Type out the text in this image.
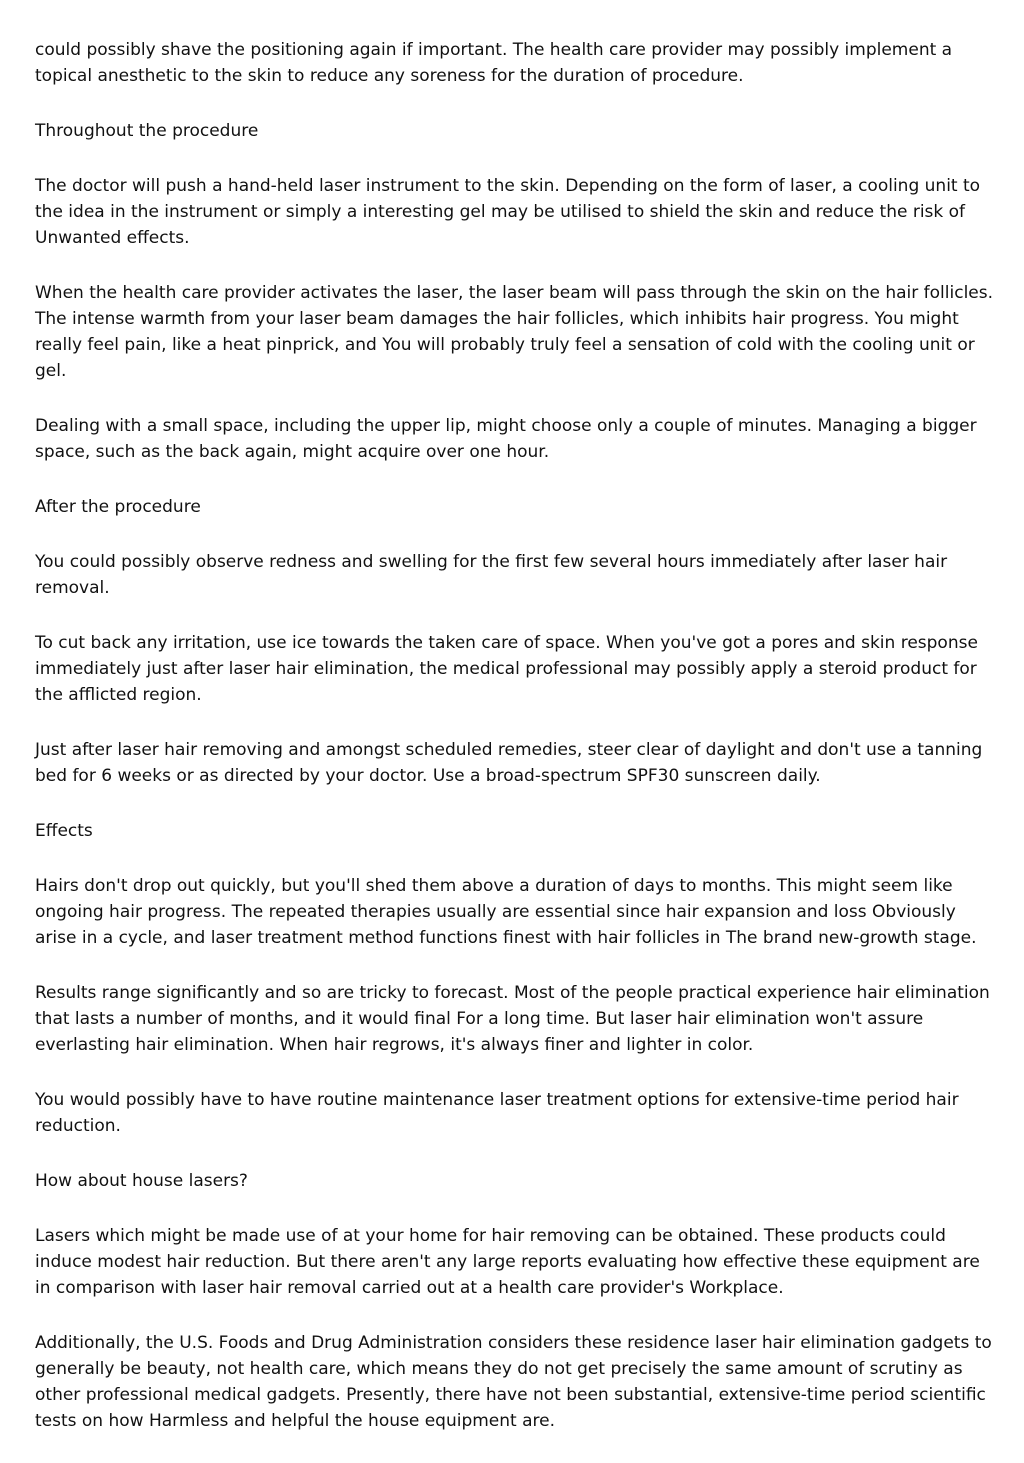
could possibly shave the positioning again if important. The health care provider may possibly implement a topical anesthetic to the skin to reduce any soreness for the duration of procedure.

Throughout the procedure

The doctor will push a hand-held laser instrument to the skin. Depending on the form of laser, a cooling unit to the idea in the instrument or simply a interesting gel may be utilised to shield the skin and reduce the risk of Unwanted effects.

When the health care provider activates the laser, the laser beam will pass through the skin on the hair follicles. The intense warmth from your laser beam damages the hair follicles, which inhibits hair progress. You might really feel pain, like a heat pinprick, and You will probably truly feel a sensation of cold with the cooling unit or gel.

Dealing with a small space, including the upper lip, might choose only a couple of minutes. Managing a bigger space, such as the back again, might acquire over one hour.

After the procedure

You could possibly observe redness and swelling for the first few several hours immediately after laser hair removal.

To cut back any irritation, use ice towards the taken care of space. When you've got a pores and skin response immediately just after laser hair elimination, the medical professional may possibly apply a steroid product for the afflicted region.

Just after laser hair removing and amongst scheduled remedies, steer clear of daylight and don't use a tanning bed for 6 weeks or as directed by your doctor. Use a broad-spectrum SPF30 sunscreen daily.

Effects

Hairs don't drop out quickly, but you'll shed them above a duration of days to months. This might seem like ongoing hair progress. The repeated therapies usually are essential since hair expansion and loss Obviously arise in a cycle, and laser treatment method functions finest with hair follicles in The brand new-growth stage.

Results range significantly and so are tricky to forecast. Most of the people practical experience hair elimination that lasts a number of months, and it would final For a long time. But laser hair elimination won't assure everlasting hair elimination. When hair regrows, it's always finer and lighter in color.

You would possibly have to have routine maintenance laser treatment options for extensive-time period hair reduction.

How about house lasers?

Lasers which might be made use of at your home for hair removing can be obtained. These products could induce modest hair reduction. But there aren't any large reports evaluating how effective these equipment are in comparison with laser hair removal carried out at a health care provider's Workplace.

Additionally, the U.S. Foods and Drug Administration considers these residence laser hair elimination gadgets to generally be beauty, not health care, which means they do not get precisely the same amount of scrutiny as other professional medical gadgets. Presently, there have not been substantial, extensive-time period scientific tests on how Harmless and helpful the house equipment are.
